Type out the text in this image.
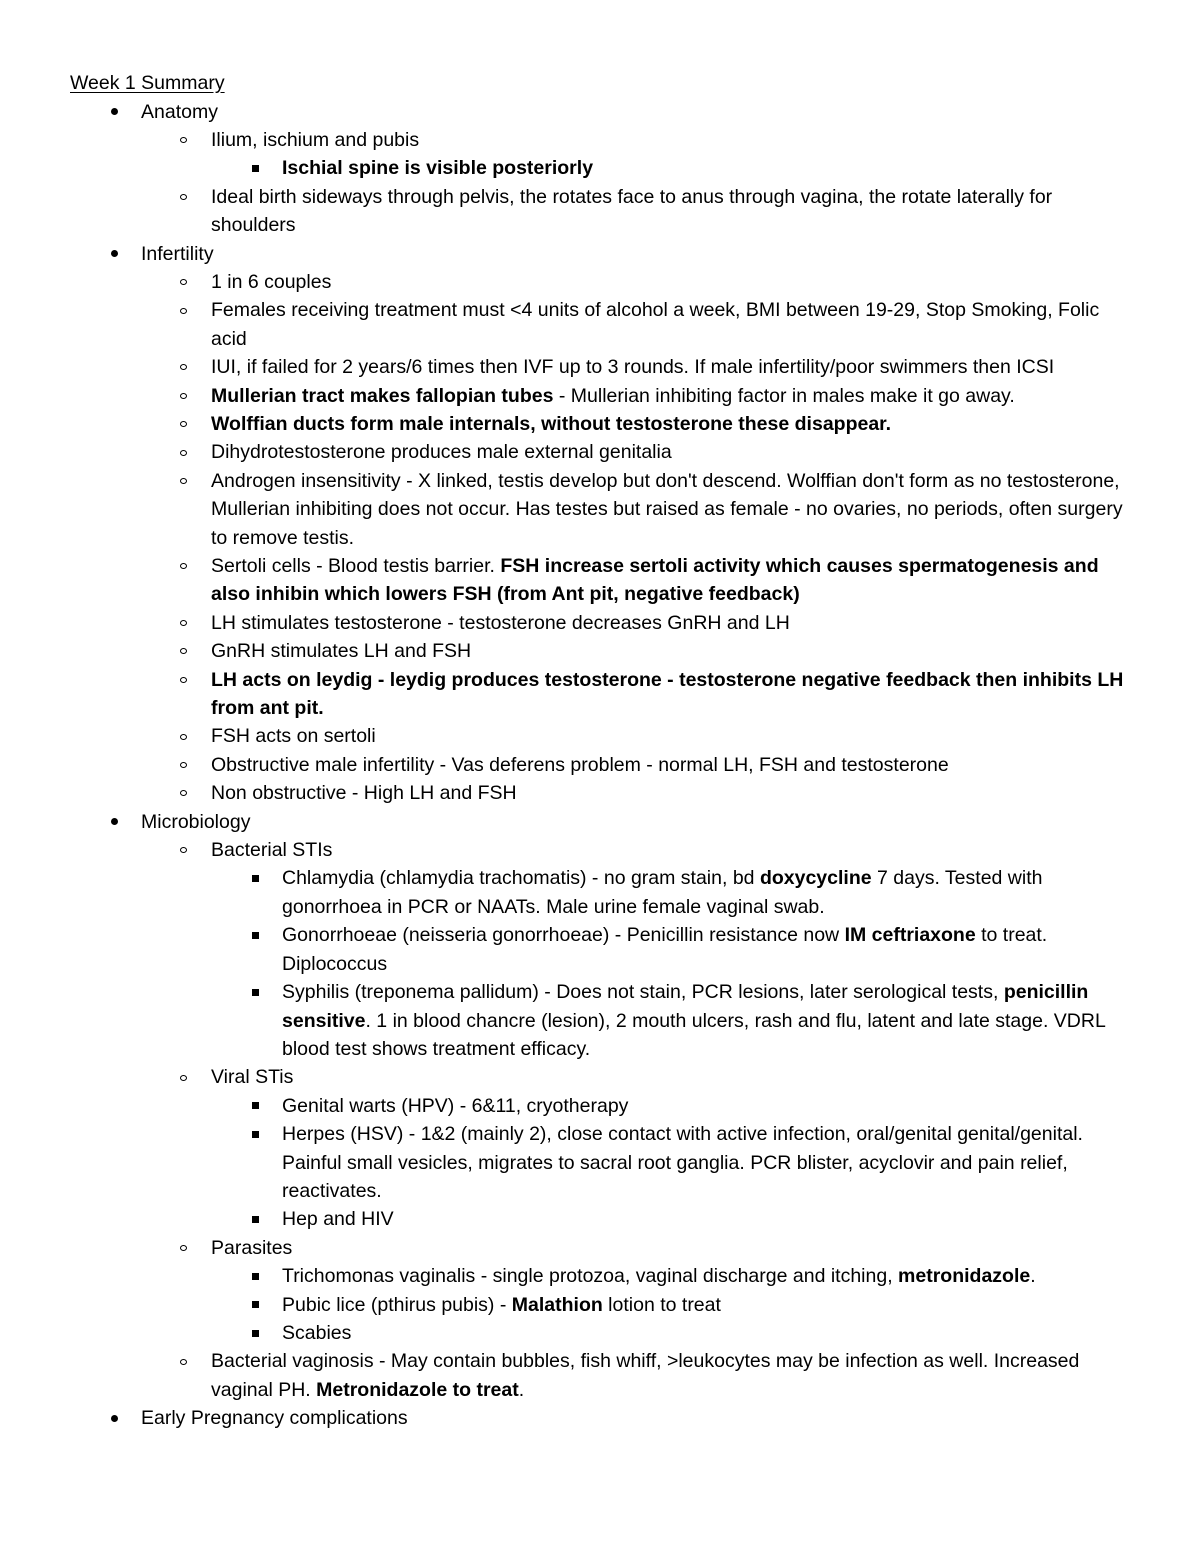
Week 1 Summary
Anatomy
Ilium, ischium and pubis
Ischial spine is visible posteriorly
Ideal birth sideways through pelvis, the rotates face to anus through vagina, the rotate laterally for shoulders
Infertility
1 in 6 couples
Females receiving treatment must <4 units of alcohol a week, BMI between 19-29, Stop Smoking, Folic acid
IUI, if failed for 2 years/6 times then IVF up to 3 rounds. If male infertility/poor swimmers then ICSI
Mullerian tract makes fallopian tubes - Mullerian inhibiting factor in males make it go away.
Wolffian ducts form male internals, without testosterone these disappear.
Dihydrotestosterone produces male external genitalia
Androgen insensitivity - X linked, testis develop but don't descend. Wolffian don't form as no testosterone, Mullerian inhibiting does not occur. Has testes but raised as female - no ovaries, no periods, often surgery to remove testis.
Sertoli cells - Blood testis barrier. FSH increase sertoli activity which causes spermatogenesis and also inhibin which lowers FSH (from Ant pit, negative feedback)
LH stimulates testosterone - testosterone decreases GnRH and LH
GnRH stimulates LH and FSH
LH acts on leydig - leydig produces testosterone - testosterone negative feedback then inhibits LH from ant pit.
FSH acts on sertoli
Obstructive male infertility - Vas deferens problem - normal LH, FSH and testosterone
Non obstructive - High LH and FSH
Microbiology
Bacterial STIs
Chlamydia (chlamydia trachomatis) - no gram stain, bd doxycycline 7 days. Tested with gonorrhoea in PCR or NAATs. Male urine female vaginal swab.
Gonorrhoeae (neisseria gonorrhoeae) - Penicillin resistance now IM ceftriaxone to treat. Diplococcus
Syphilis (treponema pallidum) - Does not stain, PCR lesions, later serological tests, penicillin sensitive. 1 in blood chancre (lesion), 2 mouth ulcers, rash and flu, latent and late stage. VDRL blood test shows treatment efficacy.
Viral STis
Genital warts (HPV) - 6&11, cryotherapy
Herpes (HSV) - 1&2 (mainly 2), close contact with active infection, oral/genital genital/genital. Painful small vesicles, migrates to sacral root ganglia. PCR blister, acyclovir and pain relief, reactivates.
Hep and HIV
Parasites
Trichomonas vaginalis - single protozoa, vaginal discharge and itching, metronidazole.
Pubic lice (pthirus pubis) - Malathion lotion to treat
Scabies
Bacterial vaginosis - May contain bubbles, fish whiff, >leukocytes may be infection as well. Increased vaginal PH. Metronidazole to treat.
Early Pregnancy complications
